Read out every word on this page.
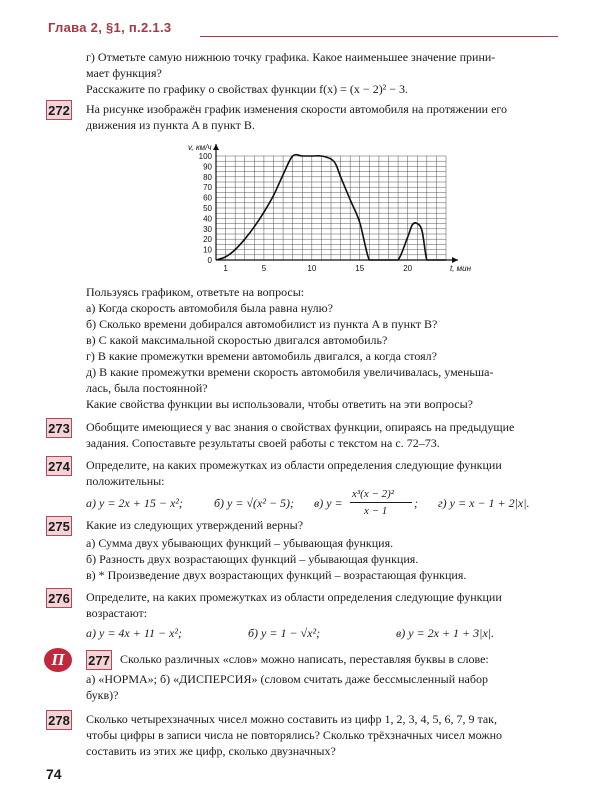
Глава 2, §1, п.2.1.3
г) Отметьте самую нижнюю точку графика. Какое наименьшее значение прини-
мает функция?
Расскажите по графику о свойствах функции f(x) = (x − 2)² − 3.
272 На рисунке изображён график изменения скорости автомобиля на протяжении его
движения из пункта A в пункт B.
0
10
20
30
40
50
60
70
80
90
100
1	5	10	15	20
v, км/ч
t, мин
Пользуясь графиком, ответьте на вопросы:
а) Когда скорость автомобиля была равна нулю?
б) Сколько времени добирался автомобилист из пункта A в пункт B?
в) С какой максимальной скоростью двигался автомобиль?
г) В какие промежутки времени автомобиль двигался, а когда стоял?
д) В какие промежутки времени скорость автомобиля увеличивалась, уменьша-
лась, была постоянной?
Какие свойства функции вы использовали, чтобы ответить на эти вопросы?
273 Обобщите имеющиеся у вас знания о свойствах функции, опираясь на предыдущие
задания. Сопоставьте результаты своей работы с текстом на с. 72–73.
274 Определите, на каких промежутках из области определения следующие функции
положительны:
а) y = 2x + 15 − x²;	б) y = √(x² − 5); в) y =
x³(x − 2)²
x − 1
; г) y = x − 1 + 2|x|.
275 Какие из следующих утверждений верны?
а) Сумма двух убывающих функций – убывающая функция.
б) Разность двух возрастающих функций – убывающая функция.
в) * Произведение двух возрастающих функций – возрастающая функция.
276 Определите, на каких промежутках из области определения следующие функции
возрастают:
а) y = 4x + 11 − x²;	б) y = 1 − √x²;	в) y = 2x + 1 + 3|x|.
П	277 Сколько различных «слов» можно написать, переставляя буквы в слове:
а) «НОРМА»; б) «ДИСПЕРСИЯ» (словом считать даже бессмысленный набор
букв)?
278 Сколько четырехзначных чисел можно составить из цифр 1, 2, 3, 4, 5, 6, 7, 9 так,
чтобы цифры в записи числа не повторялись? Сколько трёхзначных чисел можно
составить из этих же цифр, сколько двузначных?
74
